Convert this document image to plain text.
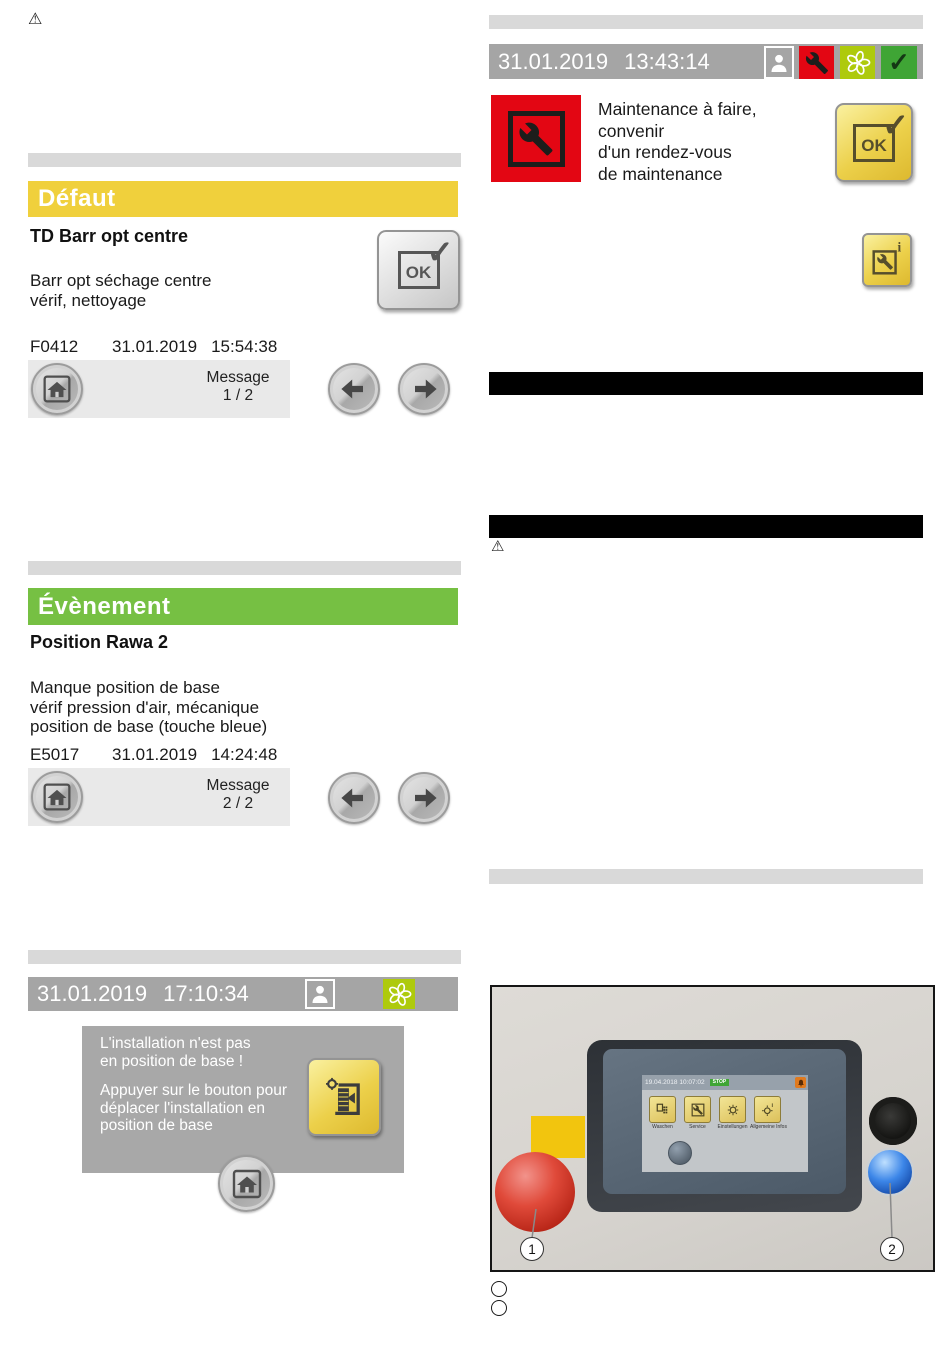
⚠
Défaut
TD Barr opt centre
OK
✓
Barr opt séchage centre
vérif, nettoyage
F0412	31.01.2019 15:54:38
Message
1 / 2
Évènement
Position Rawa 2
Manque position de base
vérif pression d'air, mécanique
position de base (touche bleue)
E5017	31.01.2019 14:24:48
Message
2 / 2
31.01.2019 17:10:34
L'installation n'est pas
en position de base !
Appuyer sur le bouton pour
déplacer l'installation en
position de base
31.01.2019 13:43:14	✓
Maintenance à faire,
convenir
d'un rendez-vous
de maintenance
OK
✓
i
⚠
19.04.2018 10:07:02	STOP
i
Waschen	Service	Einstellungen Allgemeine Infos
1	2
